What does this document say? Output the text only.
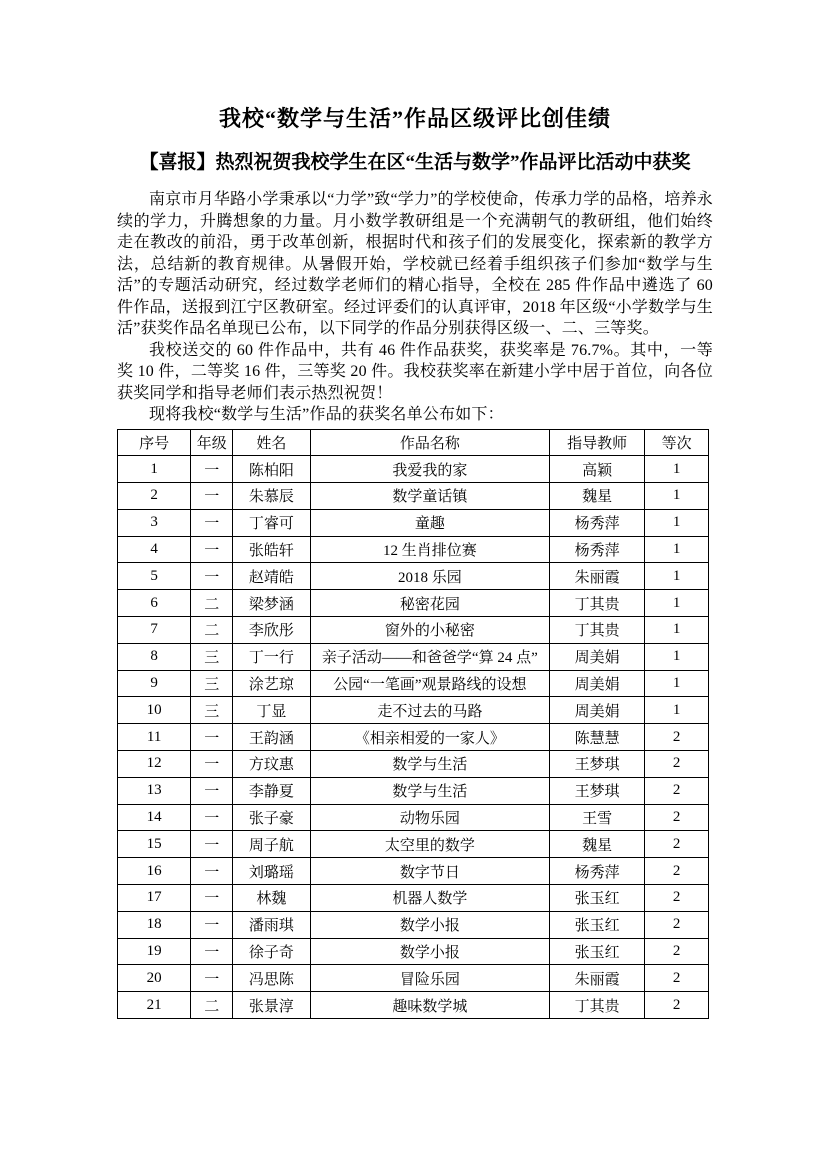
我校“数学与生活”作品区级评比创佳绩
【喜报】热烈祝贺我校学生在区“生活与数学”作品评比活动中获奖

南京市月华路小学秉承以“力学”致“学力”的学校使命，传承力学的品格，培养永续的学力，升腾想象的力量。月小数学教研组是一个充满朝气的教研组，他们始终走在教改的前沿，勇于改革创新，根据时代和孩子们的发展变化，探索新的教学方法，总结新的教育规律。从暑假开始，学校就已经着手组织孩子们参加“数学与生活”的专题活动研究，经过数学老师们的精心指导，全校在 285 件作品中遴选了 60 件作品，送报到江宁区教研室。经过评委们的认真评审，2018 年区级“小学数学与生活”获奖作品名单现已公布，以下同学的作品分别获得区级一、二、三等奖。

我校送交的 60 件作品中，共有 46 件作品获奖，获奖率是 76.7%。其中，一等奖 10 件，二等奖 16 件，三等奖 20 件。我校获奖率在新建小学中居于首位，向各位获奖同学和指导老师们表示热烈祝贺！

现将我校“数学与生活”作品的获奖名单公布如下：

序号	年级	姓名	作品名称	指导教师	等次
1	一	陈柏阳	我爱我的家	高颖	1
2	一	朱慕辰	数学童话镇	魏星	1
3	一	丁睿可	童趣	杨秀萍	1
4	一	张皓轩	12 生肖排位赛	杨秀萍	1
5	一	赵靖皓	2018 乐园	朱丽霞	1
6	二	梁梦涵	秘密花园	丁其贵	1
7	二	李欣彤	窗外的小秘密	丁其贵	1
8	三	丁一行	亲子活动——和爸爸学“算 24 点”	周美娟	1
9	三	涂艺琼	公园“一笔画”观景路线的设想	周美娟	1
10	三	丁显	走不过去的马路	周美娟	1
11	一	王韵涵	《相亲相爱的一家人》	陈慧慧	2
12	一	方玟惠	数学与生活	王梦琪	2
13	一	李静夏	数学与生活	王梦琪	2
14	一	张子豪	动物乐园	王雪	2
15	一	周子航	太空里的数学	魏星	2
16	一	刘璐瑶	数字节日	杨秀萍	2
17	一	林魏	机器人数学	张玉红	2
18	一	潘雨琪	数学小报	张玉红	2
19	一	徐子奇	数学小报	张玉红	2
20	一	冯思陈	冒险乐园	朱丽霞	2
21	二	张景淳	趣味数学城	丁其贵	2
